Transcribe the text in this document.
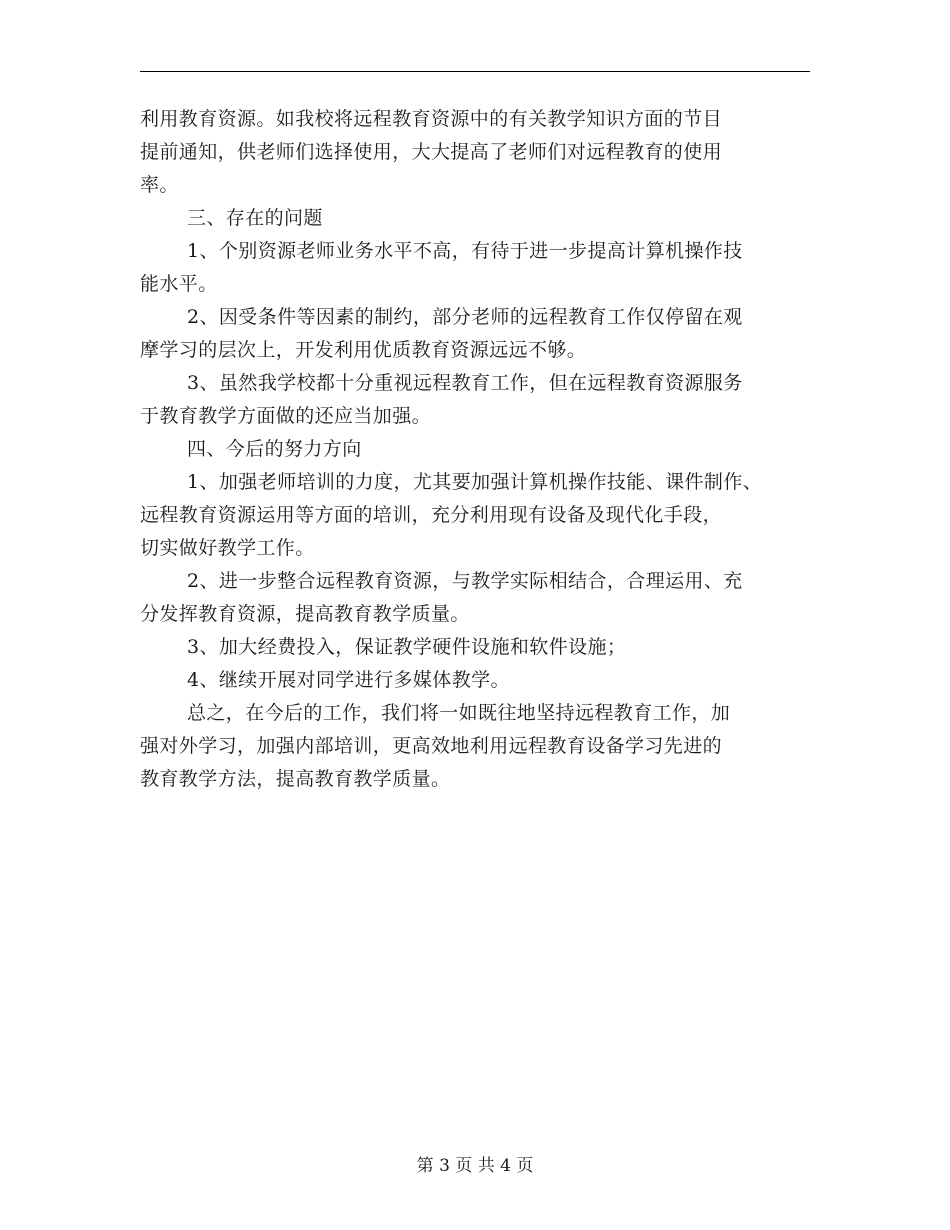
利用教育资源。如我校将远程教育资源中的有关教学知识方面的节目
提前通知，供老师们选择使用，大大提高了老师们对远程教育的使用
率。
三、存在的问题
1、个别资源老师业务水平不高，有待于进一步提高计算机操作技
能水平。
2、因受条件等因素的制约，部分老师的远程教育工作仅停留在观
摩学习的层次上，开发利用优质教育资源远远不够。
3、虽然我学校都十分重视远程教育工作，但在远程教育资源服务
于教育教学方面做的还应当加强。
四、今后的努力方向
1、加强老师培训的力度，尤其要加强计算机操作技能、课件制作、
远程教育资源运用等方面的培训，充分利用现有设备及现代化手段，
切实做好教学工作。
2、进一步整合远程教育资源，与教学实际相结合，合理运用、充
分发挥教育资源，提高教育教学质量。
3、加大经费投入，保证教学硬件设施和软件设施；
4、继续开展对同学进行多媒体教学。
总之，在今后的工作，我们将一如既往地坚持远程教育工作，加
强对外学习，加强内部培训，更高效地利用远程教育设备学习先进的
教育教学方法，提高教育教学质量。
第 3 页 共 4 页
